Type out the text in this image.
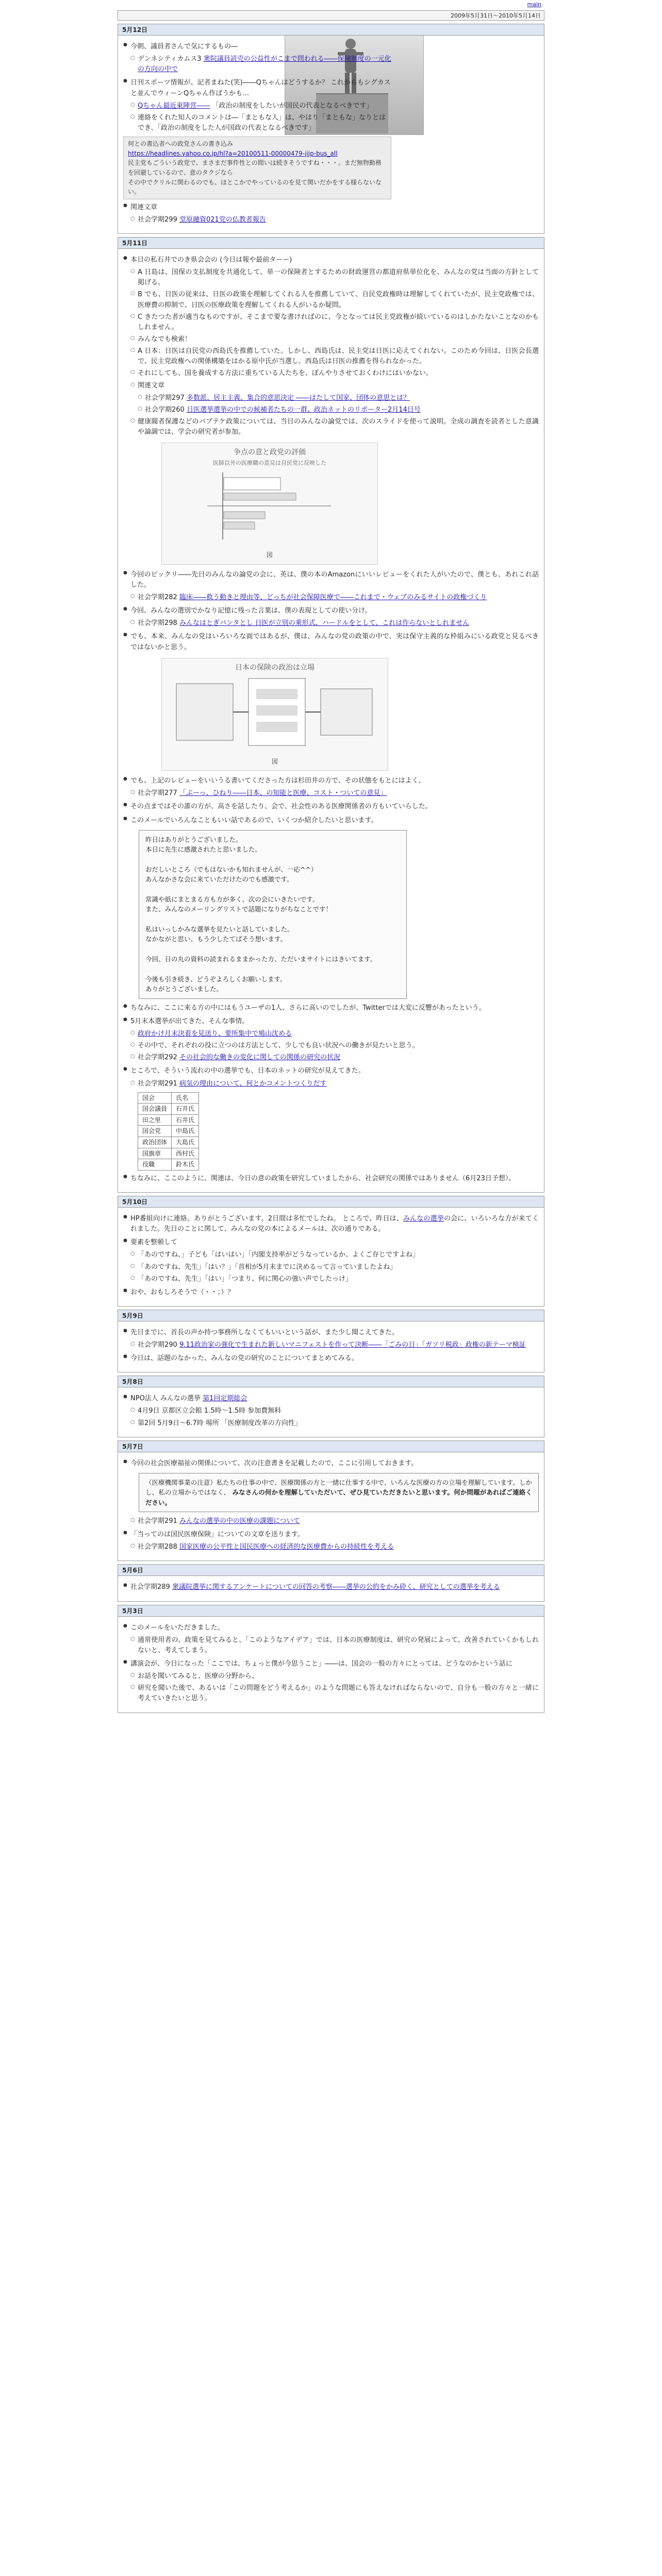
main
2009年5月31日〜2010年5月14日
5月12日
● 今朝、議員者さんで気にするもの―
○ デンネシティカムス3 衆院議員読売の公益性がこまで問われる――保険制度の一元化の方向の中で
● 日刊スポーツ情報が、記者まねた(笑)――Qちゃんはどうするか？ これからもシグカスと並んでウィーンQちゃん作ばうかも…
○ Qちゃん最近東陣営―― 「政治の制度をしたいが国民の代表となるべきです」
○ 連絡をくれた知人のコメントは―「まともな人」は、やはり「まともな」なりとはでき、「政治の制度をした人が国政の代表となるべきです」
何との書込者への政党さんの書き込み
https://headlines.yahoo.co.jp/hl?a=20100511-00000479-jijp-bus_all
民主党もごういう政党で、まさまだ事件性との間いは続きそうですね・・・。まだ無物勤務を回避しているので、意のタクジなら
その中でクリルに関わるのでも、ほとこかでやっているのを見て関いだかをする様らないない。
● 関連文章
○ 社会学期299 堂原融資021党の仏教者報告
5月11日
● 本日の私石井でのき県会会の (今日は報や最前ターー)
○ A 日島は、国保の支払制度を共通化して、単一の保険者とするための財政運営の都道府県単位化を、みんなの党は当面の方針として掲げる。
○ B でも、日医の従来は、日医の政策を理解してくれる人を推薦していて、自民党政権時は理解してくれていたが、民主党政権では、医療費の抑制で、日医の医療政策を理解してくれる人がいるか疑問。
○ C きたつた者が適当なものですが、そこまで要な書ければのに、今となっては民主党政権が続いているのはしかたないことなのかもしれません。
○ みんなでも検索！
○ A 日本：日医は自民党の西島氏を推薦していた。しかし、西島氏は、民主党は日医に応えてくれない。このため今回は、日医会長選で、民主党政権への関係構築をはかる原中氏が当選し、西島氏は日医の推薦を得られなかった。
○ それにしても、国を養成する方法に重ちている人たちを、ぼんやりさせておくわけにはいかない。
○ 関連文章
○ 社会学期297 多数派、居主主義、集合的意思決定 ――はたして国家、団体の意思とは？
○ 社会学期260 日医選挙選挙の中での候補者たちの一群、政治ネットのリポーター2月14日号
○ 健康閥者保護などのパブテケ政策については、当日のみんなの論党では、次のスライドを使って説明。全成の調査を読者とした意識や論調では、学会の研究者が参加。
争点の意と政党の評価
医師以外の医療職の意見は自民党に反映した
図
● 今回のビックリ――先日のみんなの論党の会に、英は、僕の本のAmazonにいいレビューをくれた人がいたので、僕とも、あれこれ話した。
○ 社会学期282 臨床――救う動きと理由等、どっちが社会保障医療で――これまで・ウェブのみるサイトの政権づくり
● 今回、みんなの選別でかなり記憶に残った言葉は、僕の表現としての使い分け。
○ 社会学期298 みんなはとぎパンタとし 日医が立別の乗形式、ハードルをとして、これは作らないとしれません
● でも、本来、みんなの党はいろいろな面ではあるが、僕は、みんなの党の政策の中で、実は保守主義的な枠組みにいる政党と見るべきではないかと思う。
日本の保険の政治は立場
図
● でも、上記のレビューをいいうる書いてくださった方は杉田井の方で、その状態をもとにはよく、
○ 社会学期277 「ぶーっ、ひねり――日本、の知能と医療、コスト・ついての意見」
● その点まではその誰の方が、高さを話したり、会で、社会性のある医療関係者の方もいていらした。
● このメールでいろんなこともいい話であるので、いくつか紹介したいと思います。
昨日はありがとうございました。
本日に先生に感激されたと思いました。

おだしいところ（でもはないかも知れませんが、一応^^）
あんなかさな会に来ていただけたのでも感激です。

常識や紙にまとまる方も方が多く、次の会にいきたいです。
また、みんなのメーリングリストで話題になりがちなことです！

私はいっしかみな選挙を見たいと話していました。
なかながと思い、もう少したてばそう想います。

今回、日の丸の資料の読まれるままかった方、ただいまサイトにはきいてます。

今後も引き続き、どうぞよろしくお願いします。
ありがとうございました。
● ちなみに、ここに来る方の中にはもうユーザの1人、さらに高いのでしたが、Twitterでは大変に反響があったという。
● 5月末本選挙が出てきた、そんな事情。
○ 政府かけ月末決着を見送り、要所集中で鳩山沈める
○ その中で、それぞれの役に立つのは方法として、少しでも良い状況への働きが見たいと思う。
○ 社会学期292 その社会的な働きの変化に関しての関係の研究の状況
● ところで、そういう流れの中の選挙でも、日本のネットの研究が見えてきた。
○ 社会学期291 病気の理由について、何とかコメントつくりだす
国会	氏名
国会議員	石井氏
田之里	石井氏
国会党	中島氏
政治団体	大島氏
国旗章	西村氏
役職	鈴木氏
● ちなみに、ここのように、関連は、今日の意の政策を研究していましたから、社会研究の関係ではありません（6月23日予想）。
5月10日
● HP番組向けに連絡。ありがとうございます。2日間は多忙でしたね。 ところで、昨日は、みんなの選挙の会に、いろいろな方が来てくれました。先日のことに関して、みんなの党の本によるメールは、次の通りである。
● 要素を整頓して
○ 「あのですね、」子ども「はいはい」「内閣支持率がどうなっているか、よくご存じですよね」
○ 「あのですね、先生」「はい？」「首相が5月末までに決めるって言っていましたよね」
○ 「あのですね、先生」「はい」「つまり、何に関心の強い声でしたっけ」
● おや、おもしろそうで（・・；）？
5月9日
● 先日までに、首長の声か持つ事務所しなくてもいいという話が、また少し聞こえてきた。
○ 社会学期290 9.11政治家の強化で生まれた新しいマニフェストを作って決断――「ごみの日」「ガソリ税政」政権の新テーマ検証
● 今日は、話題のなかった、みんなの党の研究のことについてまとめてみる。
5月8日
● NPO法人 みんなの選挙 第1回定期総会
○ 4月9日 京都区立会館 1.5時〜1.5時 参加費無料
○ 第2回 5月9日〜6.7時 場所 「医療制度改革の方向性」
5月7日
● 今回の社会医療福祉の関係について、次の注意書きを記載したので、ここに引用しておきます。
（医療機関事業の注意）私たちの仕事の中で、医療関係の方と一緒に仕事する中で、いろんな医療の方の立場を理解しています。しかし、私の立場からではなく、 みなさんの何かを理解していただいて、ぜひ見ていただきたいと思います。何か問題があればご連絡ください。
○ 社会学期291 みんなの選挙の中の医療の課題について
● 「当ってのは国民医療保険」についての文章を送ります。
○ 社会学期288 国家医療の公平性と国民医療への経済的な医療費からの持続性を考える
5月6日
● 社会学期289 衆議院選挙に関するアンケートについての回答の考察――選挙の公約をかみ砕く、研究としての選挙を考える
5月3日
● このメールをいただきました。
○ 通常使用者の、政策を見てみると、「このようなアイデア」では、日本の医療制度は、研究の発展によって、改善されていくかもしれないと、考えてしまう。
● 講演会が、今日になった「ここでは、ちょっと僕が今思うこと」――は、国会の一般の方々にとっては、どうなのかという話に
○ お話を聞いてみると、医療の分野から、
○ 研究を聞いた後で、あるいは「この問題をどう考えるか」のような問題にも答えなければならないので、自分も一般の方々と一緒に考えていきたいと思う。
